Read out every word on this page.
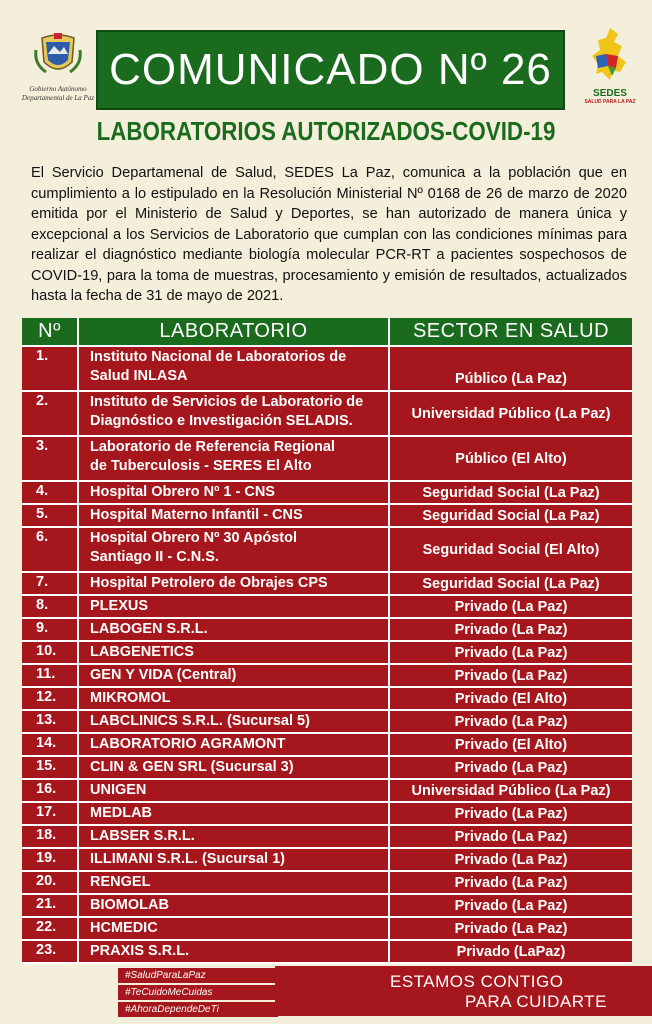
Gobierno Autónomo
Departamental de La Paz
COMUNICADO Nº 26	SEDES
SALUD PARA LA PAZ
LABORATORIOS AUTORIZADOS-COVID-19
El Servicio Departamenal de Salud, SEDES La Paz, comunica a la población que en cumplimiento a lo estipulado en la Resolución Ministerial Nº 0168 de 26 de marzo de 2020 emitida por el Ministerio de Salud y Deportes, se han autorizado de manera única y excepcional a los Servicios de Laboratorio que cumplan con las condiciones mínimas para realizar el diagnóstico mediante biología molecular PCR-RT a pacientes sospechosos de COVID-19, para la toma de muestras, procesamiento y emisión de resultados, actualizados hasta la fecha de 31 de mayo de 2021.
Nº	LABORATORIO	SECTOR EN SALUD
1.	Instituto Nacional de Laboratorios de
Salud INLASA	Público (La Paz)
2.	Instituto de Servicios de Laboratorio de
Diagnóstico e Investigación SELADIS.	Universidad Público (La Paz)
3.	Laboratorio de Referencia Regional
de Tuberculosis - SERES El Alto	Público (El Alto)
4.	Hospital Obrero Nº 1 - CNS	Seguridad Social (La Paz)
5.	Hospital Materno Infantil - CNS	Seguridad Social (La Paz)
6.	Hospital Obrero Nº 30 Apóstol
Santiago II - C.N.S.	Seguridad Social (El Alto)
7.	Hospital Petrolero de Obrajes CPS	Seguridad Social (La Paz)
8.	PLEXUS	Privado (La Paz)
9.	LABOGEN S.R.L.	Privado (La Paz)
10.	LABGENETICS	Privado (La Paz)
11.	GEN Y VIDA (Central)	Privado (La Paz)
12.	MIKROMOL	Privado (El Alto)
13.	LABCLINICS S.R.L. (Sucursal 5)	Privado (La Paz)
14.	LABORATORIO AGRAMONT	Privado (El Alto)
15.	CLIN & GEN SRL (Sucursal 3)	Privado (La Paz)
16.	UNIGEN	Universidad Público (La Paz)
17.	MEDLAB	Privado (La Paz)
18.	LABSER S.R.L.	Privado (La Paz)
19.	ILLIMANI S.R.L. (Sucursal 1)	Privado (La Paz)
20.	RENGEL	Privado (La Paz)
21.	BIOMOLAB	Privado (La Paz)
22.	HCMEDIC	Privado (La Paz)
23.	PRAXIS S.R.L.	Privado (LaPaz)
#SaludParaLaPaz
#TeCuidoMeCuidas
#AhoraDependeDeTi
ESTAMOS CONTIGO
PARA CUIDARTE
